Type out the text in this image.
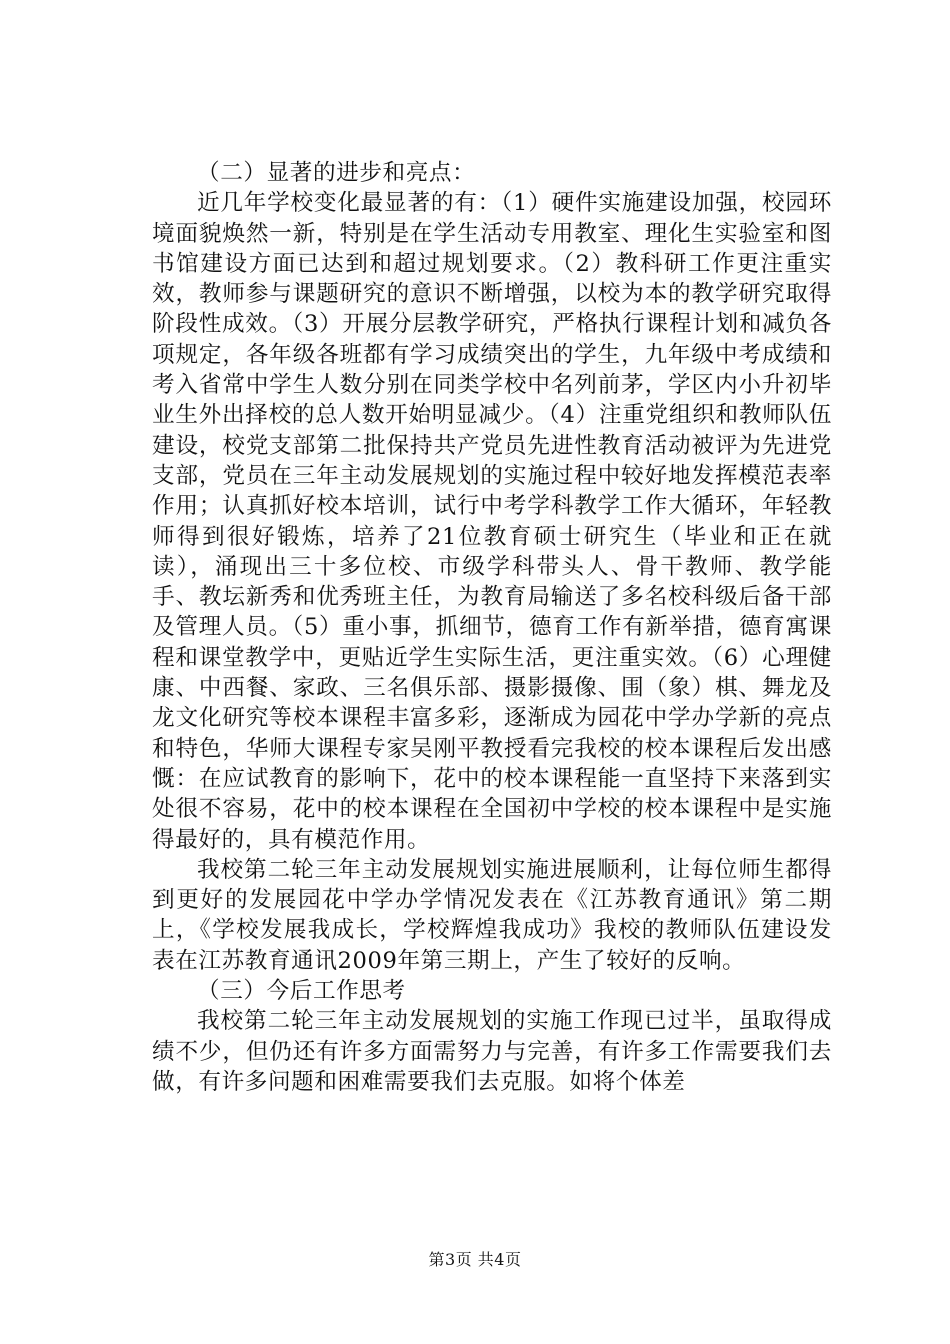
（二）显著的进步和亮点：

近几年学校变化最显著的有：（1）硬件实施建设加强，校园环境面貌焕然一新，特别是在学生活动专用教室、理化生实验室和图书馆建设方面已达到和超过规划要求。（2）教科研工作更注重实效，教师参与课题研究的意识不断增强，以校为本的教学研究取得阶段性成效。（3）开展分层教学研究，严格执行课程计划和减负各项规定，各年级各班都有学习成绩突出的学生，九年级中考成绩和考入省常中学生人数分别在同类学校中名列前茅，学区内小升初毕业生外出择校的总人数开始明显减少。（4）注重党组织和教师队伍建设，校党支部第二批保持共产党员先进性教育活动被评为先进党支部，党员在三年主动发展规划的实施过程中较好地发挥模范表率作用；认真抓好校本培训，试行中考学科教学工作大循环，年轻教师得到很好锻炼，培养了21位教育硕士研究生（毕业和正在就读），涌现出三十多位校、市级学科带头人、骨干教师、教学能手、教坛新秀和优秀班主任，为教育局输送了多名校科级后备干部及管理人员。（5）重小事，抓细节，德育工作有新举措，德育寓课程和课堂教学中，更贴近学生实际生活，更注重实效。（6）心理健康、中西餐、家政、三名俱乐部、摄影摄像、围（象）棋、舞龙及龙文化研究等校本课程丰富多彩，逐渐成为园花中学办学新的亮点和特色，华师大课程专家吴刚平教授看完我校的校本课程后发出感慨：在应试教育的影响下，花中的校本课程能一直坚持下来落到实处很不容易，花中的校本课程在全国初中学校的校本课程中是实施得最好的，具有模范作用。

我校第二轮三年主动发展规划实施进展顺利，让每位师生都得到更好的发展园花中学办学情况发表在《江苏教育通讯》第二期上，《学校发展我成长，学校辉煌我成功》我校的教师队伍建设发表在江苏教育通讯2009年第三期上，产生了较好的反响。

（三）今后工作思考

我校第二轮三年主动发展规划的实施工作现已过半，虽取得成绩不少，但仍还有许多方面需努力与完善，有许多工作需要我们去做，有许多问题和困难需要我们去克服。如将个体差

第3页 共4页
